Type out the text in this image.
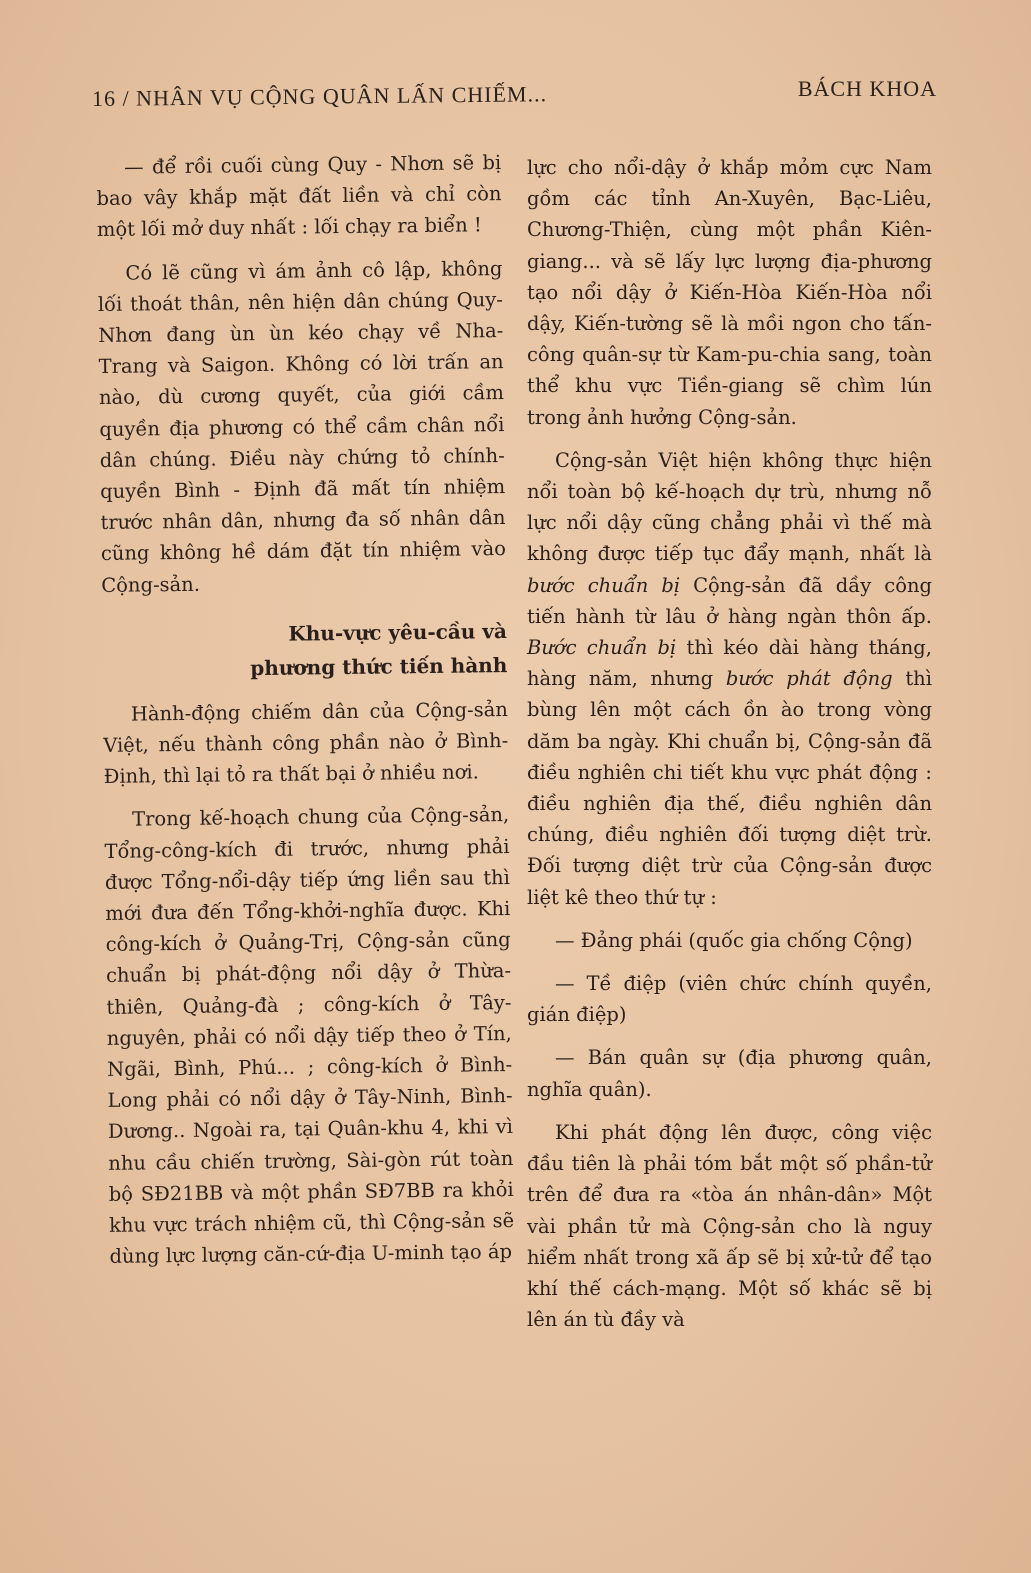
16 / NHÂN VỤ CỘNG QUÂN LẤN CHIẾM...	BÁCH KHOA

— để rồi cuối cùng Quy - Nhơn sẽ bị bao vây khắp mặt đất liền và chỉ còn một lối mở duy nhất : lối chạy ra biển !

Có lẽ cũng vì ám ảnh cô lập, không lối thoát thân, nên hiện dân chúng Quy-Nhơn đang ùn ùn kéo chạy về Nha-Trang và Saigon. Không có lời trấn an nào, dù cương quyết, của giới cầm quyền địa phương có thể cầm chân nổi dân chúng. Điều này chứng tỏ chính-quyền Bình - Định đã mất tín nhiệm trước nhân dân, nhưng đa số nhân dân cũng không hề dám đặt tín nhiệm vào Cộng-sản.

Khu-vực yêu-cầu và
phương thức tiến hành

Hành-động chiếm dân của Cộng-sản Việt, nếu thành công phần nào ở Bình-Định, thì lại tỏ ra thất bại ở nhiều nơi.

Trong kế-hoạch chung của Cộng-sản, Tổng-công-kích đi trước, nhưng phải được Tổng-nổi-dậy tiếp ứng liền sau thì mới đưa đến Tổng-khởi-nghĩa được. Khi công-kích ở Quảng-Trị, Cộng-sản cũng chuẩn bị phát-động nổi dậy ở Thừa-thiên, Quảng-đà ; công-kích ở Tây-nguyên, phải có nổi dậy tiếp theo ở Tín, Ngãi, Bình, Phú... ; công-kích ở Bình-Long phải có nổi dậy ở Tây-Ninh, Bình-Dương.. Ngoài ra, tại Quân-khu 4, khi vì nhu cầu chiến trường, Sài-gòn rút toàn bộ SĐ21BB và một phần SĐ7BB ra khỏi khu vực trách nhiệm cũ, thì Cộng-sản sẽ dùng lực lượng căn-cứ-địa U-minh tạo áp

lực cho nổi-dậy ở khắp mỏm cực Nam gồm các tỉnh An-Xuyên, Bạc-Liêu, Chương-Thiện, cùng một phần Kiên-giang... và sẽ lấy lực lượng địa-phương tạo nổi dậy ở Kiến-Hòa Kiến-Hòa nổi dậy, Kiến-tường sẽ là mồi ngon cho tấn-công quân-sự từ Kam-pu-chia sang, toàn thể khu vực Tiền-giang sẽ chìm lún trong ảnh hưởng Cộng-sản.

Cộng-sản Việt hiện không thực hiện nổi toàn bộ kế-hoạch dự trù, nhưng nỗ lực nổi dậy cũng chẳng phải vì thế mà không được tiếp tục đẩy mạnh, nhất là bước chuẩn bị Cộng-sản đã dầy công tiến hành từ lâu ở hàng ngàn thôn ấp. Bước chuẩn bị thì kéo dài hàng tháng, hàng năm, nhưng bước phát động thì bùng lên một cách ồn ào trong vòng dăm ba ngày. Khi chuẩn bị, Cộng-sản đã điều nghiên chi tiết khu vực phát động : điều nghiên địa thế, điều nghiên dân chúng, điều nghiên đối tượng diệt trừ. Đối tượng diệt trừ của Cộng-sản được liệt kê theo thứ tự :

— Đảng phái (quốc gia chống Cộng)

— Tề điệp (viên chức chính quyền, gián điệp)

— Bán quân sự (địa phương quân, nghĩa quân).

Khi phát động lên được, công việc đầu tiên là phải tóm bắt một số phần-tử trên để đưa ra «tòa án nhân-dân» Một vài phần tử mà Cộng-sản cho là nguy hiểm nhất trong xã ấp sẽ bị xử-tử để tạo khí thế cách-mạng. Một số khác sẽ bị lên án tù đầy và
